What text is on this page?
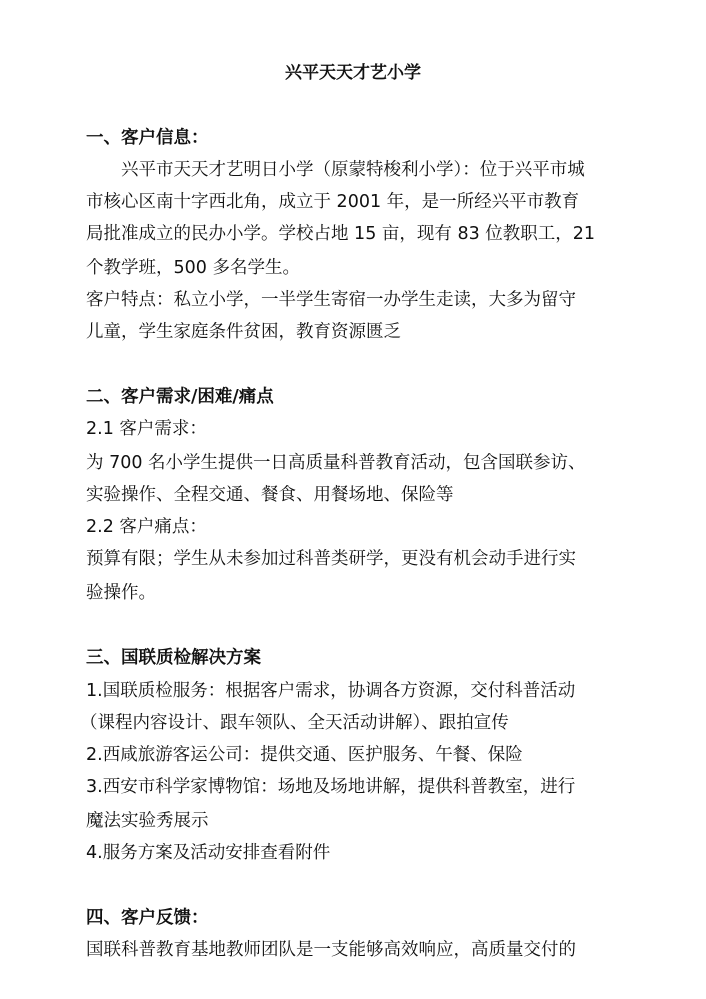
兴平天天才艺小学
一、客户信息：
兴平市天天才艺明日小学（原蒙特梭利小学）：位于兴平市城
市核心区南十字西北角，成立于 2001 年，是一所经兴平市教育
局批准成立的民办小学。学校占地 15 亩，现有 83 位教职工，21
个教学班，500 多名学生。
客户特点：私立小学，一半学生寄宿一办学生走读，大多为留守
儿童，学生家庭条件贫困，教育资源匮乏
二、客户需求/困难/痛点
2.1 客户需求：
为 700 名小学生提供一日高质量科普教育活动，包含国联参访、
实验操作、全程交通、餐食、用餐场地、保险等
2.2 客户痛点：
预算有限；学生从未参加过科普类研学，更没有机会动手进行实
验操作。
三、国联质检解决方案
1.国联质检服务：根据客户需求，协调各方资源，交付科普活动
（课程内容设计、跟车领队、全天活动讲解）、跟拍宣传
2.西咸旅游客运公司：提供交通、医护服务、午餐、保险
3.西安市科学家博物馆：场地及场地讲解，提供科普教室，进行
魔法实验秀展示
4.服务方案及活动安排查看附件
四、客户反馈：
国联科普教育基地教师团队是一支能够高效响应，高质量交付的
